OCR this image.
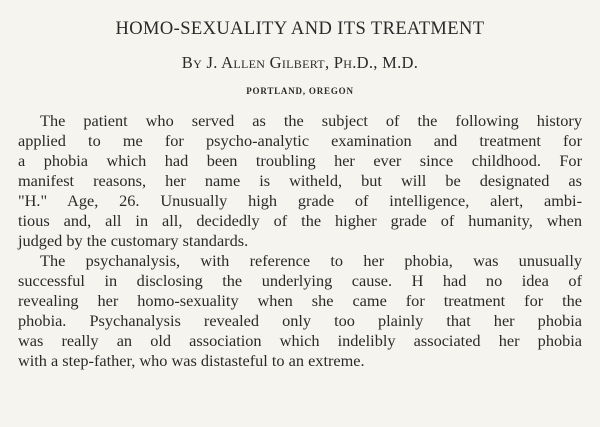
HOMO-SEXUALITY AND ITS TREATMENT
By J. Allen Gilbert, Ph.D., M.D.
PORTLAND, OREGON
The patient who served as the subject of the following history
applied to me for psycho-analytic examination and treatment for
a phobia which had been troubling her ever since childhood. For
manifest reasons, her name is witheld, but will be designated as
"H." Age, 26. Unusually high grade of intelligence, alert, ambi-
tious and, all in all, decidedly of the higher grade of humanity, when
judged by the customary standards.
The psychanalysis, with reference to her phobia, was unusually
successful in disclosing the underlying cause. H had no idea of
revealing her homo-sexuality when she came for treatment for the
phobia. Psychanalysis revealed only too plainly that her phobia
was really an old association which indelibly associated her phobia
with a step-father, who was distasteful to an extreme.
